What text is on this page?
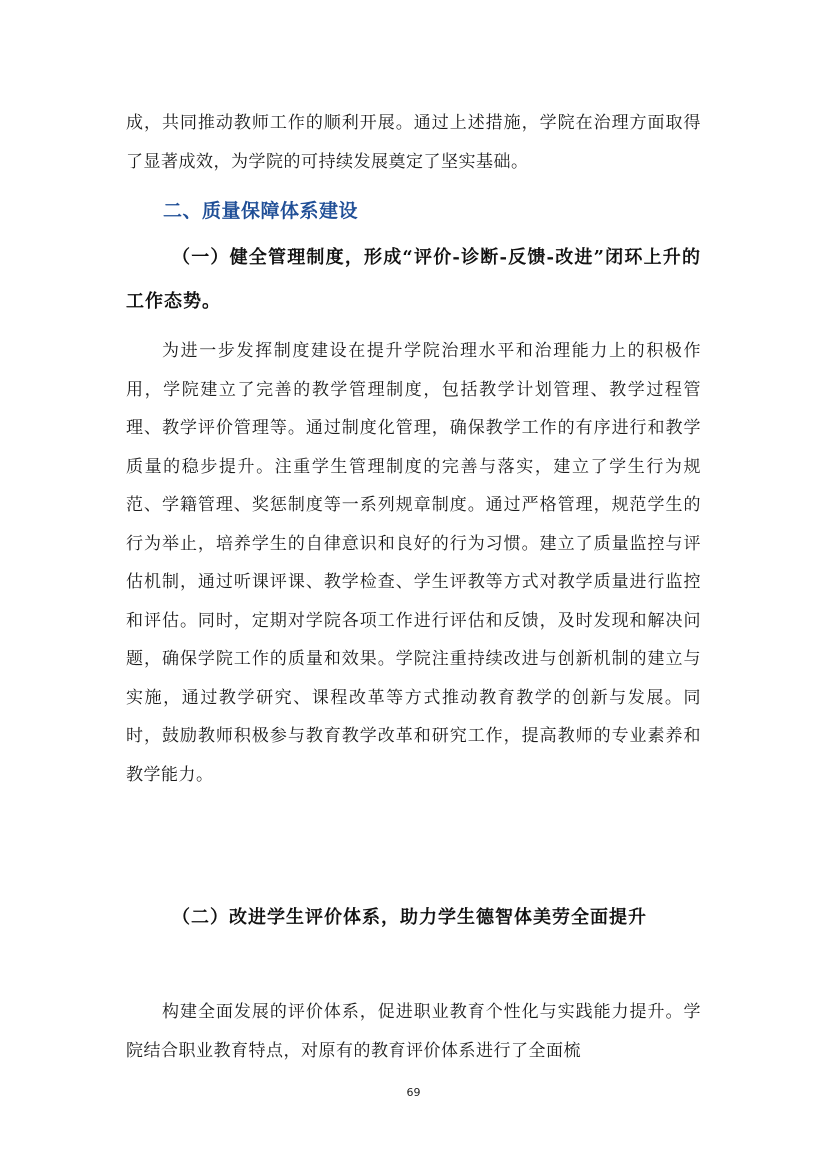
成，共同推动教师工作的顺利开展。通过上述措施，学院在治理方面取得了显著成效，为学院的可持续发展奠定了坚实基础。

二、质量保障体系建设
（一）健全管理制度，形成“评价-诊断-反馈-改进”闭环上升的工作态势。

为进一步发挥制度建设在提升学院治理水平和治理能力上的积极作用，学院建立了完善的教学管理制度，包括教学计划管理、教学过程管理、教学评价管理等。通过制度化管理，确保教学工作的有序进行和教学质量的稳步提升。注重学生管理制度的完善与落实，建立了学生行为规范、学籍管理、奖惩制度等一系列规章制度。通过严格管理，规范学生的行为举止，培养学生的自律意识和良好的行为习惯。建立了质量监控与评估机制，通过听课评课、教学检查、学生评教等方式对教学质量进行监控和评估。同时，定期对学院各项工作进行评估和反馈，及时发现和解决问题，确保学院工作的质量和效果。学院注重持续改进与创新机制的建立与实施，通过教学研究、课程改革等方式推动教育教学的创新与发展。同时，鼓励教师积极参与教育教学改革和研究工作，提高教师的专业素养和教学能力。

（二）改进学生评价体系，助力学生德智体美劳全面提升

构建全面发展的评价体系，促进职业教育个性化与实践能力提升。学院结合职业教育特点，对原有的教育评价体系进行了全面梳

69
